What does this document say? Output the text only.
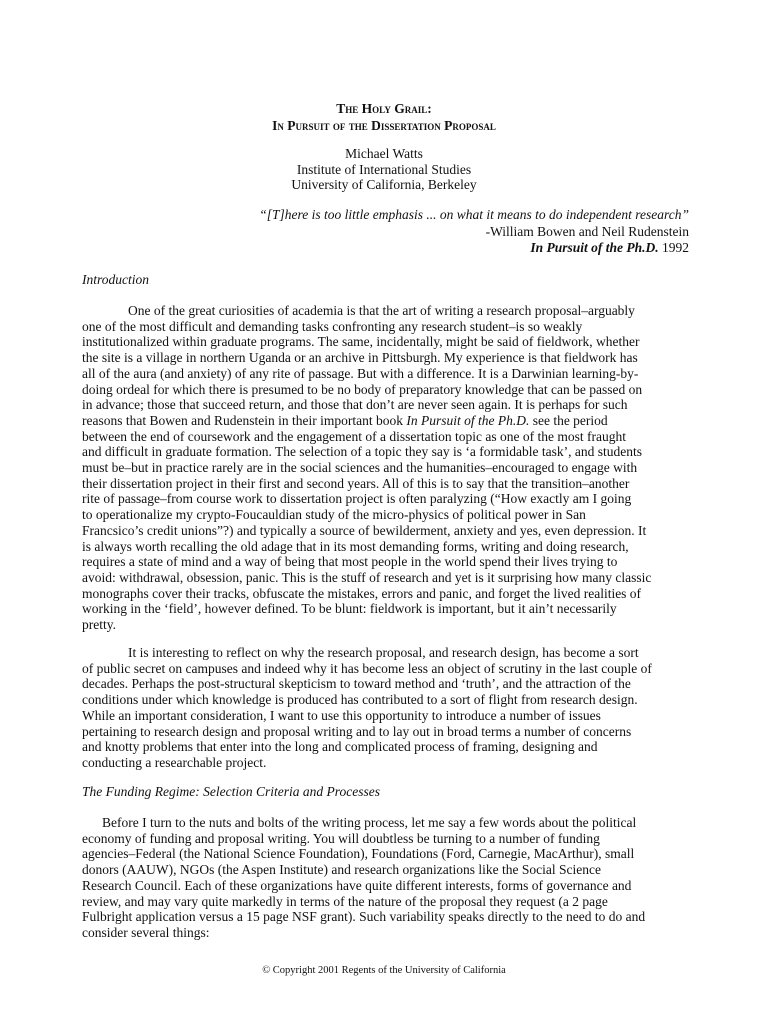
The Holy Grail:
In Pursuit of the Dissertation Proposal
Michael Watts
Institute of International Studies
University of California, Berkeley
“[T]here is too little emphasis ... on what it means to do independent research”
-William Bowen and Neil Rudenstein
In Pursuit of the Ph.D. 1992
Introduction
One of the great curiosities of academia is that the art of writing a research proposal–arguably
one of the most difficult and demanding tasks confronting any research student–is so weakly
institutionalized within graduate programs. The same, incidentally, might be said of fieldwork, whether
the site is a village in northern Uganda or an archive in Pittsburgh. My experience is that fieldwork has
all of the aura (and anxiety) of any rite of passage. But with a difference. It is a Darwinian learning-by-
doing ordeal for which there is presumed to be no body of preparatory knowledge that can be passed on
in advance; those that succeed return, and those that don’t are never seen again. It is perhaps for such
reasons that Bowen and Rudenstein in their important book In Pursuit of the Ph.D. see the period
between the end of coursework and the engagement of a dissertation topic as one of the most fraught
and difficult in graduate formation. The selection of a topic they say is ‘a formidable task’, and students
must be–but in practice rarely are in the social sciences and the humanities–encouraged to engage with
their dissertation project in their first and second years. All of this is to say that the transition–another
rite of passage–from course work to dissertation project is often paralyzing (“How exactly am I going
to operationalize my crypto-Foucauldian study of the micro-physics of political power in San
Francsico’s credit unions”?) and typically a source of bewilderment, anxiety and yes, even depression. It
is always worth recalling the old adage that in its most demanding forms, writing and doing research,
requires a state of mind and a way of being that most people in the world spend their lives trying to
avoid: withdrawal, obsession, panic. This is the stuff of research and yet is it surprising how many classic
monographs cover their tracks, obfuscate the mistakes, errors and panic, and forget the lived realities of
working in the ‘field’, however defined. To be blunt: fieldwork is important, but it ain’t necessarily
pretty.
It is interesting to reflect on why the research proposal, and research design, has become a sort
of public secret on campuses and indeed why it has become less an object of scrutiny in the last couple of
decades. Perhaps the post-structural skepticism to toward method and ‘truth’, and the attraction of the
conditions under which knowledge is produced has contributed to a sort of flight from research design.
While an important consideration, I want to use this opportunity to introduce a number of issues
pertaining to research design and proposal writing and to lay out in broad terms a number of concerns
and knotty problems that enter into the long and complicated process of framing, designing and
conducting a researchable project.
The Funding Regime: Selection Criteria and Processes
Before I turn to the nuts and bolts of the writing process, let me say a few words about the political
economy of funding and proposal writing. You will doubtless be turning to a number of funding
agencies–Federal (the National Science Foundation), Foundations (Ford, Carnegie, MacArthur), small
donors (AAUW), NGOs (the Aspen Institute) and research organizations like the Social Science
Research Council. Each of these organizations have quite different interests, forms of governance and
review, and may vary quite markedly in terms of the nature of the proposal they request (a 2 page
Fulbright application versus a 15 page NSF grant). Such variability speaks directly to the need to do and
consider several things:
© Copyright 2001 Regents of the University of California
